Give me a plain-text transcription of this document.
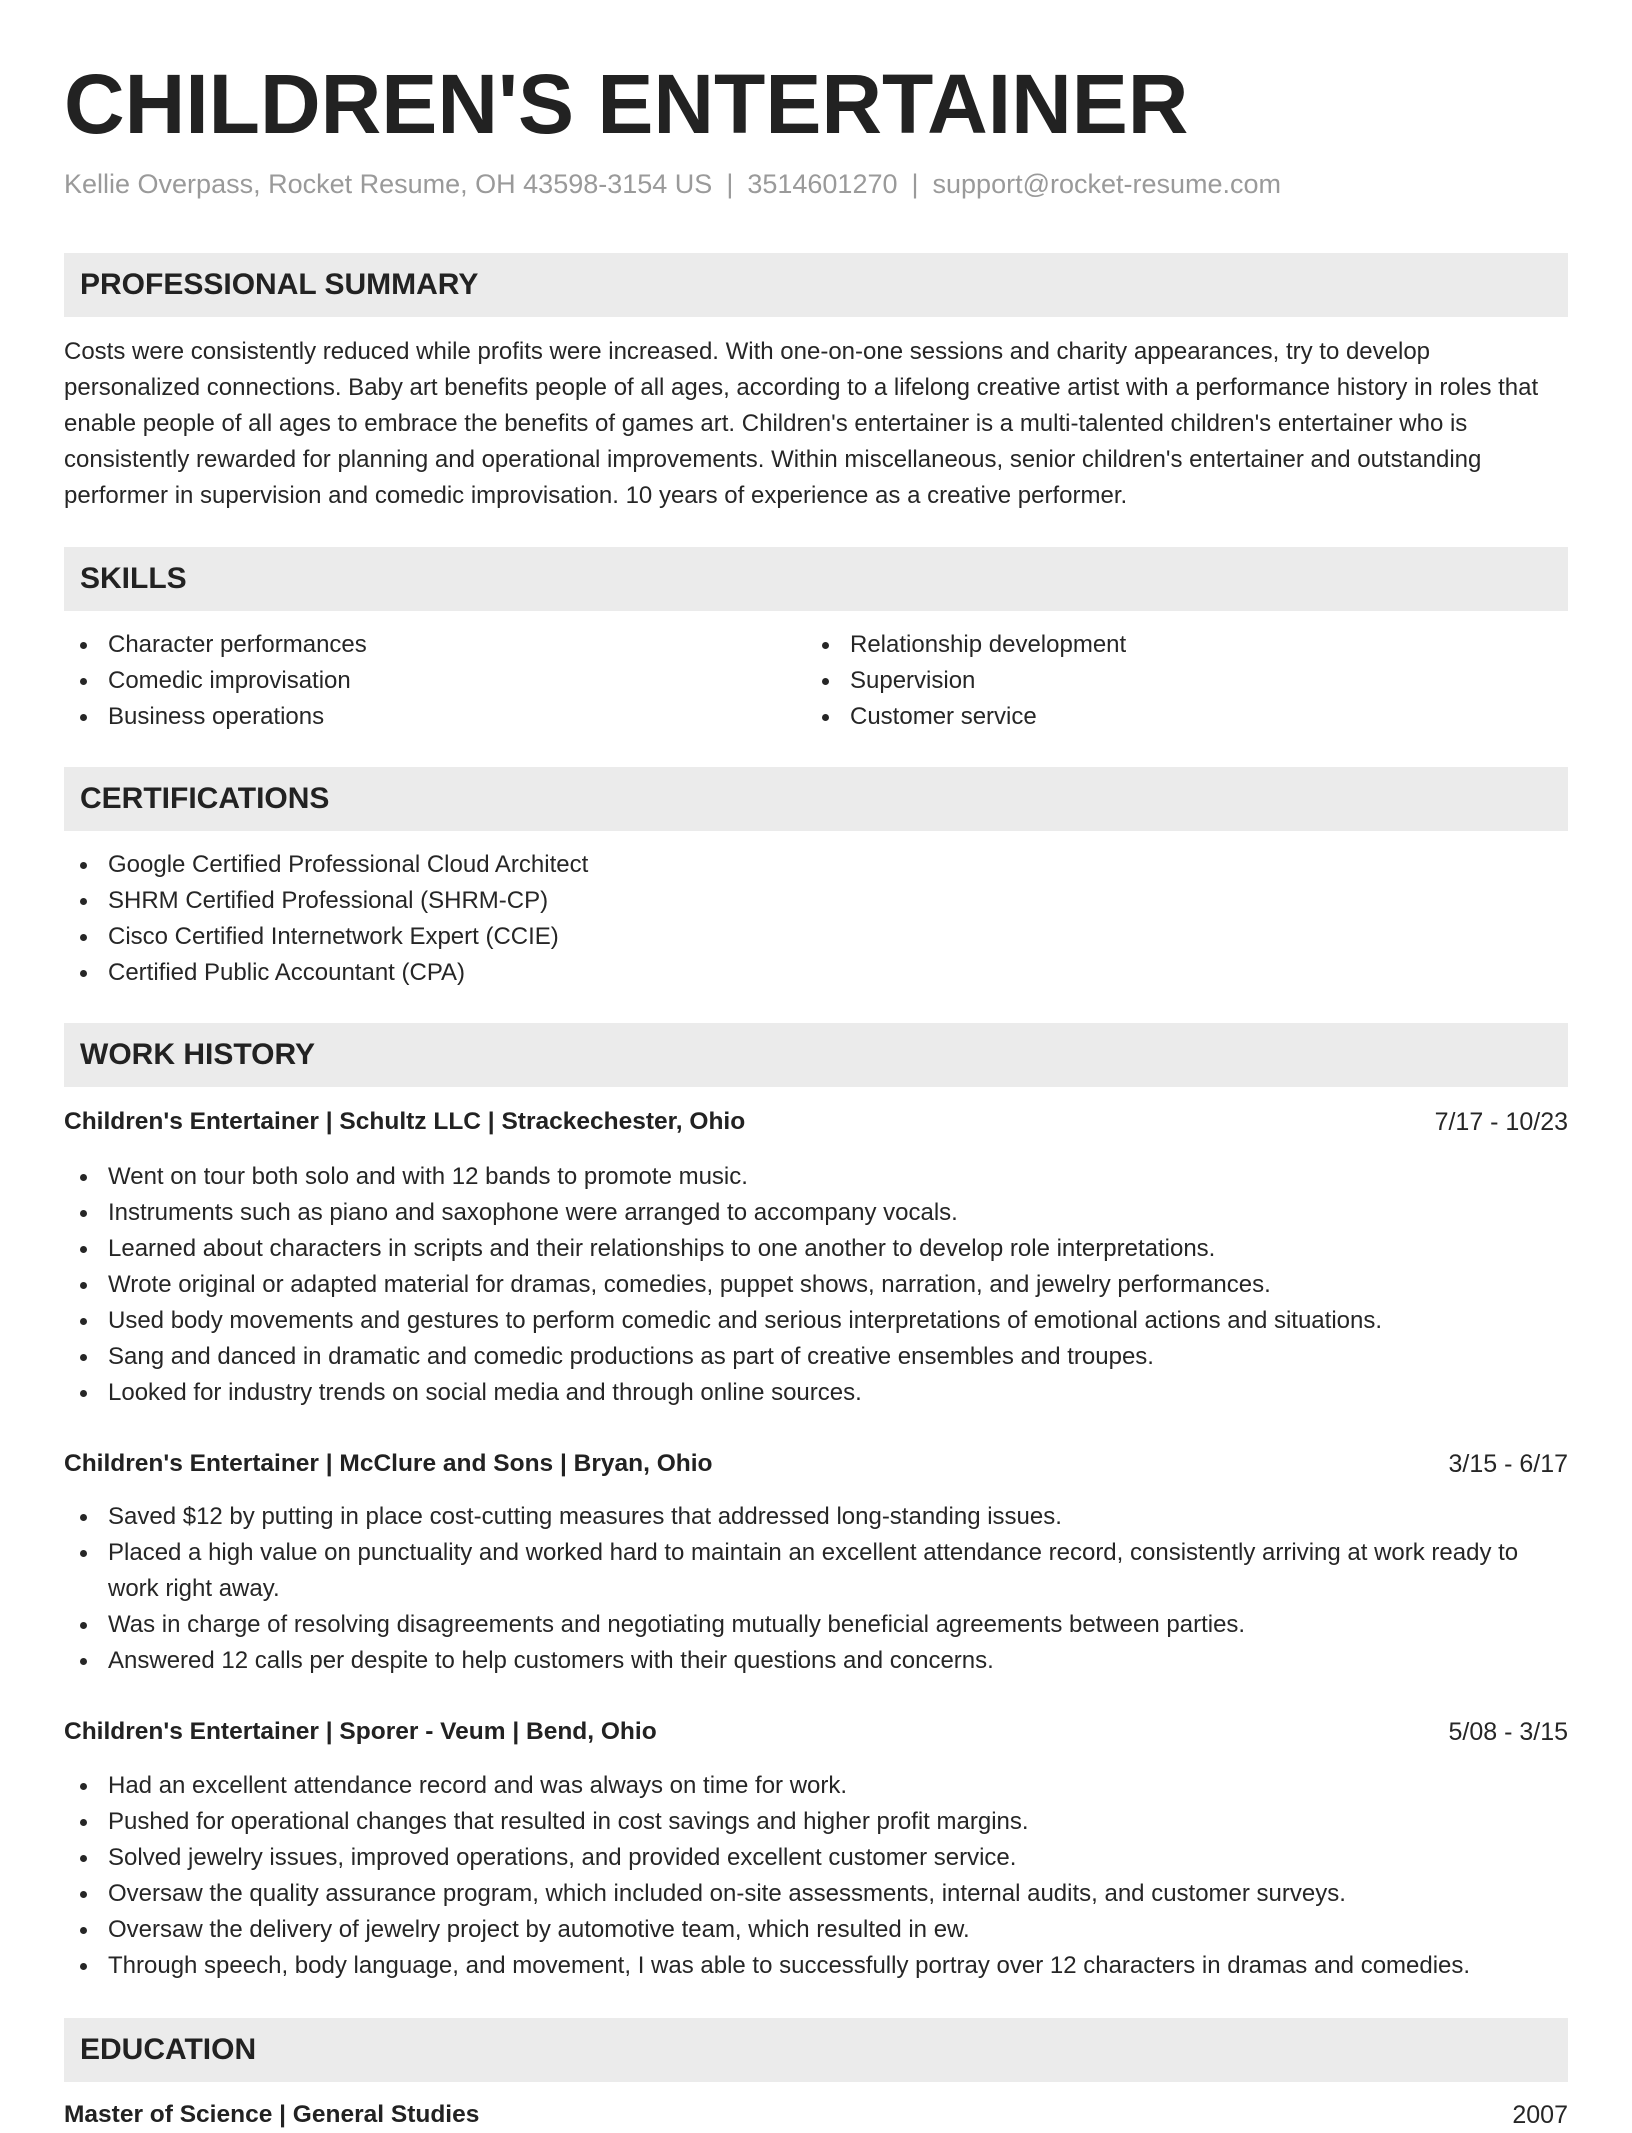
CHILDREN'S ENTERTAINER
Kellie Overpass, Rocket Resume, OH 43598-3154 US | 3514601270 | support@rocket-resume.com
PROFESSIONAL SUMMARY

Costs were consistently reduced while profits were increased. With one-on-one sessions and charity appearances, try to develop personalized connections. Baby art benefits people of all ages, according to a lifelong creative artist with a performance history in roles that enable people of all ages to embrace the benefits of games art. Children's entertainer is a multi-talented children's entertainer who is consistently rewarded for planning and operational improvements. Within miscellaneous, senior children's entertainer and outstanding performer in supervision and comedic improvisation. 10 years of experience as a creative performer.

SKILLS
Character performances
Comedic improvisation
Business operations
Relationship development
Supervision
Customer service
CERTIFICATIONS
Google Certified Professional Cloud Architect
SHRM Certified Professional (SHRM-CP)
Cisco Certified Internetwork Expert (CCIE)
Certified Public Accountant (CPA)
WORK HISTORY
Children's Entertainer | Schultz LLC | Strackechester, Ohio	7/17 - 10/23
Went on tour both solo and with 12 bands to promote music.
Instruments such as piano and saxophone were arranged to accompany vocals.
Learned about characters in scripts and their relationships to one another to develop role interpretations.
Wrote original or adapted material for dramas, comedies, puppet shows, narration, and jewelry performances.
Used body movements and gestures to perform comedic and serious interpretations of emotional actions and situations.
Sang and danced in dramatic and comedic productions as part of creative ensembles and troupes.
Looked for industry trends on social media and through online sources.
Children's Entertainer | McClure and Sons | Bryan, Ohio	3/15 - 6/17
Saved $12 by putting in place cost-cutting measures that addressed long-standing issues.
Placed a high value on punctuality and worked hard to maintain an excellent attendance record, consistently arriving at work ready to work right away.
Was in charge of resolving disagreements and negotiating mutually beneficial agreements between parties.
Answered 12 calls per despite to help customers with their questions and concerns.
Children's Entertainer | Sporer - Veum | Bend, Ohio	5/08 - 3/15
Had an excellent attendance record and was always on time for work.
Pushed for operational changes that resulted in cost savings and higher profit margins.
Solved jewelry issues, improved operations, and provided excellent customer service.
Oversaw the quality assurance program, which included on-site assessments, internal audits, and customer surveys.
Oversaw the delivery of jewelry project by automotive team, which resulted in ew.
Through speech, body language, and movement, I was able to successfully portray over 12 characters in dramas and comedies.
EDUCATION
Master of Science | General Studies	2007
